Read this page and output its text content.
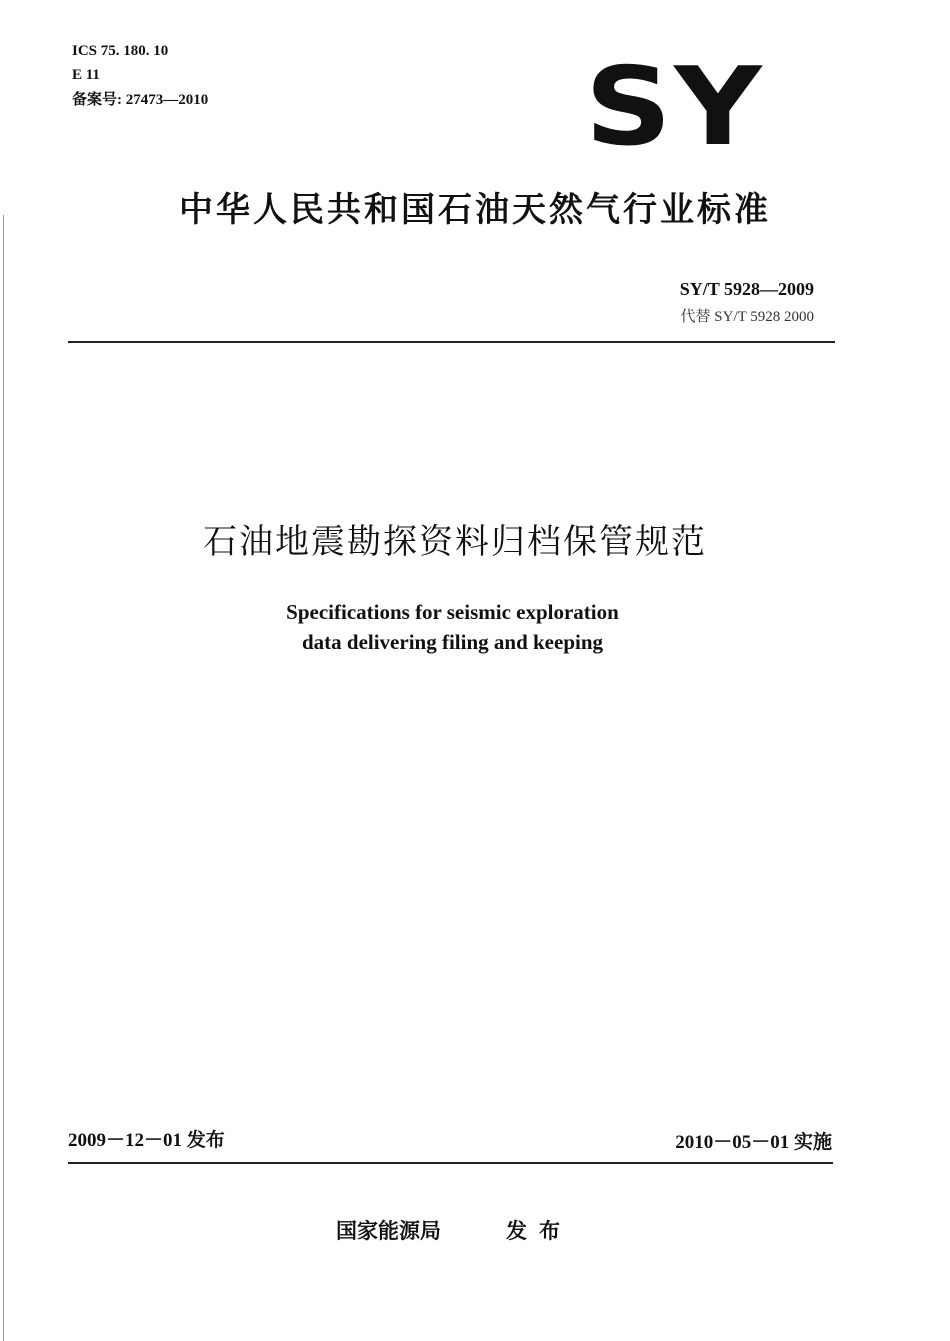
ICS 75. 180. 10
E 11
备案号: 27473—2010	SY
中华人民共和国石油天然气行业标准
SY/T 5928—2009
代替 SY/T 5928 2000
石油地震勘探资料归档保管规范
Specifications for seismic exploration
data delivering filing and keeping
2009－12－01 发布	2010－05－01 实施
国家能源局	发布
